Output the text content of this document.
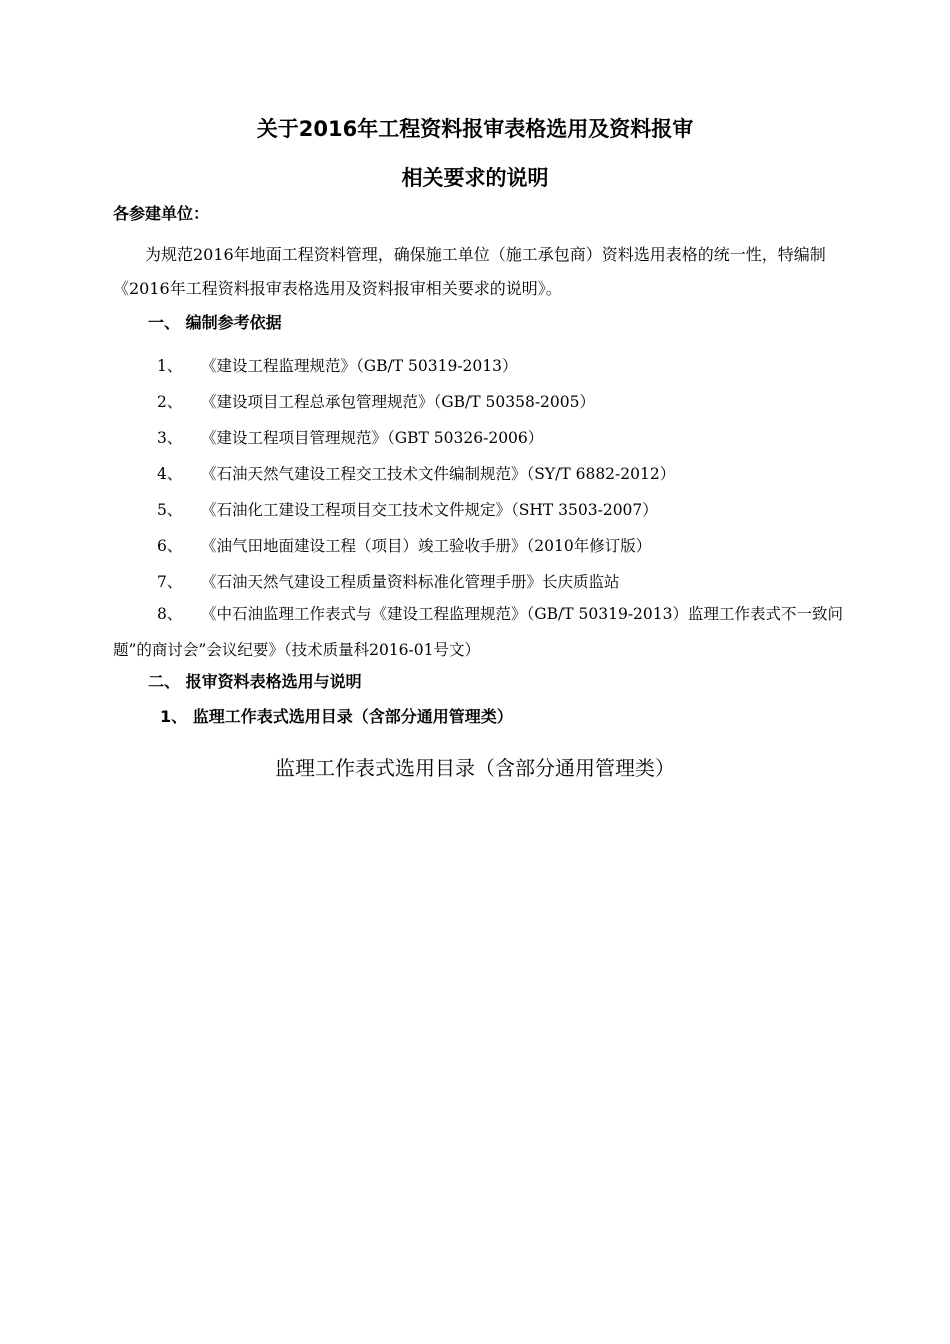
关于2016年工程资料报审表格选用及资料报审
相关要求的说明
各参建单位：
为规范2016年地面工程资料管理，确保施工单位（施工承包商）资料选用表格的统一性，特编制《2016年工程资料报审表格选用及资料报审相关要求的说明》。
一、 编制参考依据
1、	《建设工程监理规范》（GB/T 50319-2013）
2、	《建设项目工程总承包管理规范》（GB/T 50358-2005）
3、	《建设工程项目管理规范》（GBT 50326-2006）
4、	《石油天然气建设工程交工技术文件编制规范》（SY/T 6882-2012）
5、	《石油化工建设工程项目交工技术文件规定》（SHT 3503-2007）
6、	《油气田地面建设工程（项目）竣工验收手册》（2010年修订版）
7、	《石油天然气建设工程质量资料标准化管理手册》长庆质监站
8、 《中石油监理工作表式与《建设工程监理规范》（GB/T 50319-2013）监理工作表式不一致问题”的商讨会”会议纪要》（技术质量科2016-01号文）
二、 报审资料表格选用与说明
1、 监理工作表式选用目录（含部分通用管理类）
监理工作表式选用目录（含部分通用管理类）
